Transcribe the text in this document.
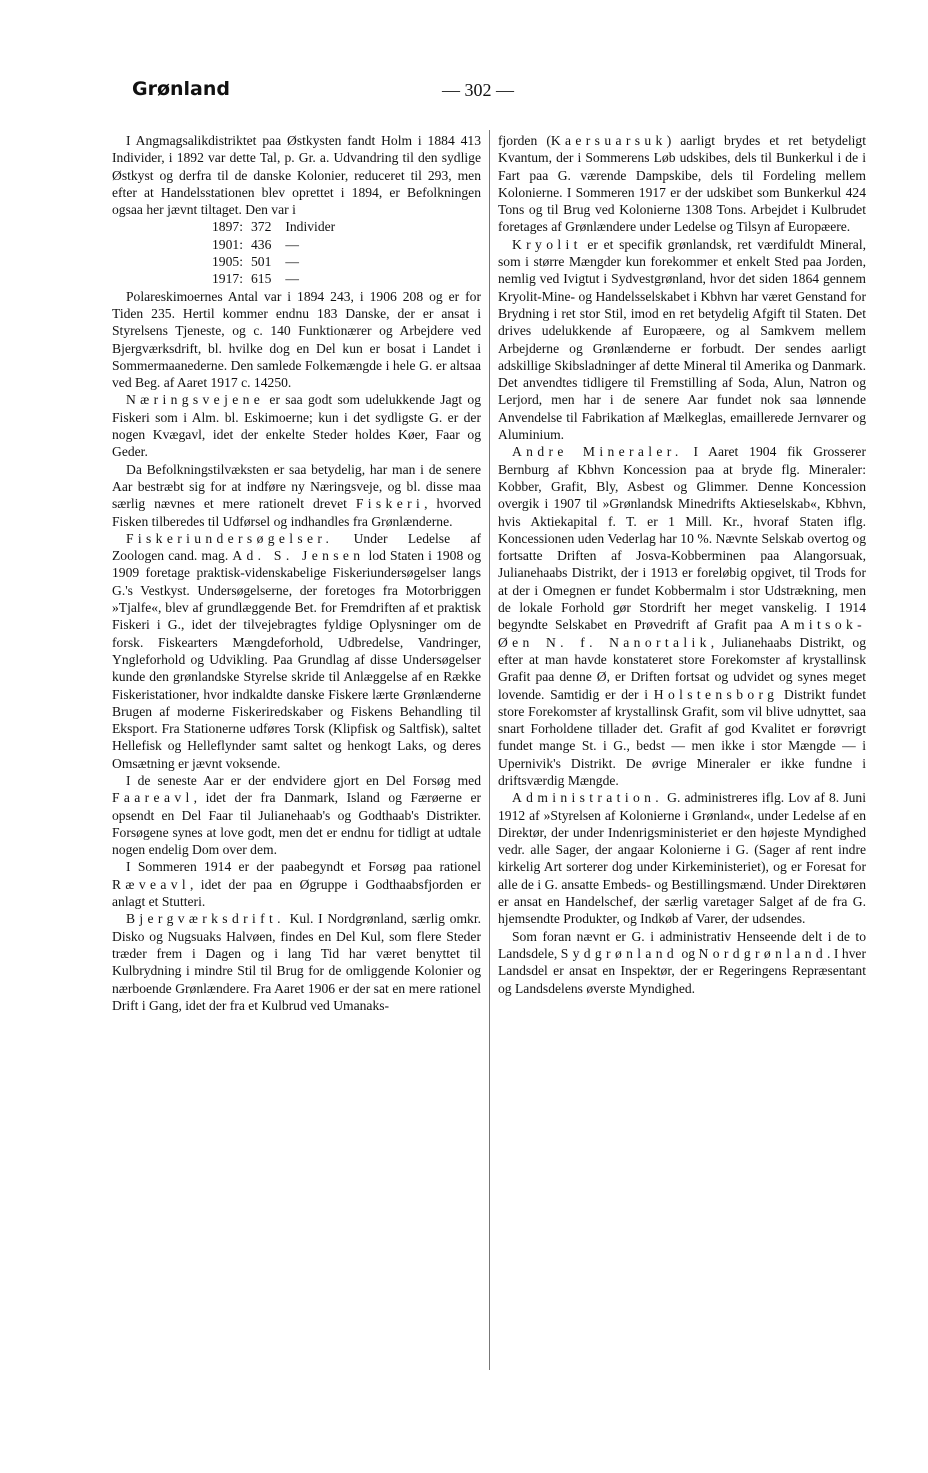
Grønland	— 302 —

I Angmagsalikdistriktet paa Østkysten fandt Holm i 1884 413 Individer, i 1892 var dette Tal, p. Gr. a. Udvandring til den sydlige Østkyst og derfra til de danske Kolonier, reduceret til 293, men efter at Handelsstationen blev oprettet i 1894, er Befolkningen ogsaa her jævnt tiltaget. Den var i

1897:	372	Individer
1901:	436	—
1905:	501	—
1917:	615	—

Polareskimoernes Antal var i 1894 243, i 1906 208 og er for Tiden 235. Hertil kommer endnu 183 Danske, der er ansat i Styrelsens Tjeneste, og c. 140 Funktionærer og Arbejdere ved Bjergværksdrift, bl. hvilke dog en Del kun er bosat i Landet i Sommermaanederne. Den samlede Folkemængde i hele G. er altsaa ved Beg. af Aaret 1917 c. 14250.

Næringsvejene er saa godt som udelukkende Jagt og Fiskeri som i Alm. bl. Eskimoerne; kun i det sydligste G. er der nogen Kvægavl, idet der enkelte Steder holdes Køer, Faar og Geder.

Da Befolkningstilvæksten er saa betydelig, har man i de senere Aar bestræbt sig for at indføre ny Næringsveje, og bl. disse maa særlig nævnes et mere rationelt drevet Fiskeri, hvorved Fisken tilberedes til Udførsel og indhandles fra Grønlænderne.

Fiskeriundersøgelser. Under Ledelse af Zoologen cand. mag. Ad. S. Jensen lod Staten i 1908 og 1909 foretage praktisk-videnskabelige Fiskeriundersøgelser langs G.'s Vestkyst. Undersøgelserne, der foretoges fra Motorbriggen »Tjalfe«, blev af grundlæggende Bet. for Fremdriften af et praktisk Fiskeri i G., idet der tilvejebragtes fyldige Oplysninger om de forsk. Fiskearters Mængdeforhold, Udbredelse, Vandringer, Yngleforhold og Udvikling. Paa Grundlag af disse Undersøgelser kunde den grønlandske Styrelse skride til Anlæggelse af en Række Fiskeristationer, hvor indkaldte danske Fiskere lærte Grønlænderne Brugen af moderne Fiskeriredskaber og Fiskens Behandling til Eksport. Fra Stationerne udføres Torsk (Klipfisk og Saltfisk), saltet Hellefisk og Helleflynder samt saltet og henkogt Laks, og deres Omsætning er jævnt voksende.

I de seneste Aar er der endvidere gjort en Del Forsøg med Faareavl, idet der fra Danmark, Island og Færøerne er opsendt en Del Faar til Julianehaab's og Godthaab's Distrikter. Forsøgene synes at love godt, men det er endnu for tidligt at udtale nogen endelig Dom over dem.

I Sommeren 1914 er der paabegyndt et Forsøg paa rationel Ræveavl, idet der paa en Øgruppe i Godthaabsfjorden er anlagt et Stutteri.

Bjergværksdrift. Kul. I Nordgrønland, særlig omkr. Disko og Nugsuaks Halvøen, findes en Del Kul, som flere Steder træder frem i Dagen og i lang Tid har været benyttet til Kulbrydning i mindre Stil til Brug for de omliggende Kolonier og nærboende Grønlændere. Fra Aaret 1906 er der sat en mere rationel Drift i Gang, idet der fra et Kulbrud ved Umanaks-

fjorden (Kaersuarsuk) aarligt brydes et ret betydeligt Kvantum, der i Sommerens Løb udskibes, dels til Bunkerkul i de i Fart paa G. værende Dampskibe, dels til Fordeling mellem Kolonierne. I Sommeren 1917 er der udskibet som Bunkerkul 424 Tons og til Brug ved Kolonierne 1308 Tons. Arbejdet i Kulbrudet foretages af Grønlændere under Ledelse og Tilsyn af Europæere.

Kryolit er et specifik grønlandsk, ret værdifuldt Mineral, som i større Mængder kun forekommer et enkelt Sted paa Jorden, nemlig ved Ivigtut i Sydvestgrønland, hvor det siden 1864 gennem Kryolit-Mine- og Handelsselskabet i Kbhvn har været Genstand for Brydning i ret stor Stil, imod en ret betydelig Afgift til Staten. Det drives udelukkende af Europæere, og al Samkvem mellem Arbejderne og Grønlænderne er forbudt. Der sendes aarligt adskillige Skibsladninger af dette Mineral til Amerika og Danmark. Det anvendtes tidligere til Fremstilling af Soda, Alun, Natron og Lerjord, men har i de senere Aar fundet nok saa lønnende Anvendelse til Fabrikation af Mælkeglas, emaillerede Jernvarer og Aluminium.

Andre Mineraler. I Aaret 1904 fik Grosserer Bernburg af Kbhvn Koncession paa at bryde flg. Mineraler: Kobber, Grafit, Bly, Asbest og Glimmer. Denne Koncession overgik i 1907 til »Grønlandsk Minedrifts Aktieselskab«, Kbhvn, hvis Aktiekapital f. T. er 1 Mill. Kr., hvoraf Staten iflg. Koncessionen uden Vederlag har 10 %. Nævnte Selskab overtog og fortsatte Driften af Josva-Kobberminen paa Alangorsuak, Julianehaabs Distrikt, der i 1913 er foreløbig opgivet, til Trods for at der i Omegnen er fundet Kobbermalm i stor Udstrækning, men de lokale Forhold gør Stordrift her meget vanskelig. I 1914 begyndte Selskabet en Prøvedrift af Grafit paa Amitsok-Øen N. f. Nanortalik, Julianehaabs Distrikt, og efter at man havde konstateret store Forekomster af krystallinsk Grafit paa denne Ø, er Driften fortsat og udvidet og synes meget lovende. Samtidig er der i Holstensborg Distrikt fundet store Forekomster af krystallinsk Grafit, som vil blive udnyttet, saa snart Forholdene tillader det. Grafit af god Kvalitet er forøvrigt fundet mange St. i G., bedst — men ikke i stor Mængde — i Upernivik's Distrikt. De øvrige Mineraler er ikke fundne i driftsværdig Mængde.

Administration. G. administreres iflg. Lov af 8. Juni 1912 af »Styrelsen af Kolonierne i Grønland«, under Ledelse af en Direktør, der under Indenrigsministeriet er den højeste Myndighed vedr. alle Sager, der angaar Kolonierne i G. (Sager af rent indre kirkelig Art sorterer dog under Kirkeministeriet), og er Foresat for alle de i G. ansatte Embeds- og Bestillingsmænd. Under Direktøren er ansat en Handelschef, der særlig varetager Salget af de fra G. hjemsendte Produkter, og Indkøb af Varer, der udsendes.

Som foran nævnt er G. i administrativ Henseende delt i de to Landsdele, Sydgrønland og Nordgrønland. I hver Landsdel er ansat en Inspektør, der er Regeringens Repræsentant og Landsdelens øverste Myndighed.
